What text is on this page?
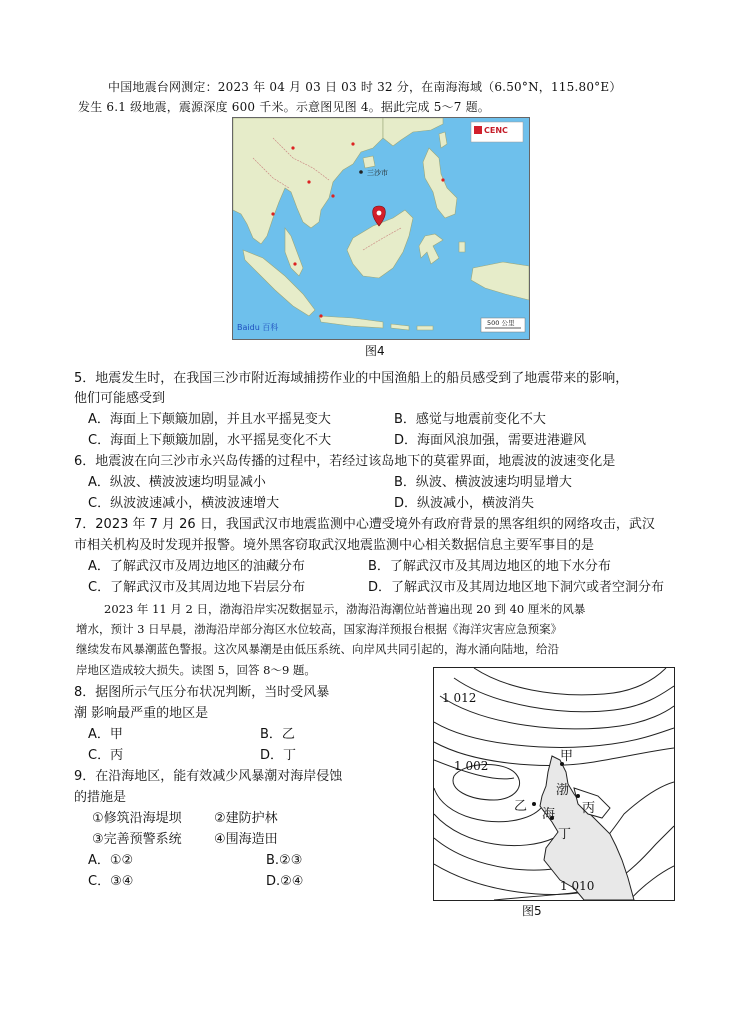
中国地震台网测定：2023 年 04 月 03 日 03 时 32 分，在南海海域（6.50°N，115.80°E）
发生 6.1 级地震，震源深度 600 千米。示意图见图 4。据此完成 5～7 题。
三沙市
CENC
Baidu 百科	500 公里
图4
5．地震发生时，在我国三沙市附近海域捕捞作业的中国渔船上的船员感受到了地震带来的影响，
他们可能感受到
A．海面上下颠簸加剧，并且水平摇晃变大	B．感觉与地震前变化不大
C．海面上下颠簸加剧，水平摇晃变化不大	D．海面风浪加强，需要进港避风
6．地震波在向三沙市永兴岛传播的过程中，若经过该岛地下的莫霍界面，地震波的波速变化是
A．纵波、横波波速均明显减小	B．纵波、横波波速均明显增大
C．纵波波速减小，横波波速增大	D．纵波减小，横波消失
7．2023 年 7 月 26 日，我国武汉市地震监测中心遭受境外有政府背景的黑客组织的网络攻击，武汉
市相关机构及时发现并报警。境外黑客窃取武汉地震监测中心相关数据信息主要军事目的是
A．了解武汉市及周边地区的油藏分布	B．了解武汉市及其周边地区的地下水分布
C．了解武汉市及其周边地下岩层分布	D．了解武汉市及其周边地区地下洞穴或者空洞分布
2023 年 11 月 2 日，渤海沿岸实况数据显示，渤海沿海潮位站普遍出现 20 到 40 厘米的风暴
增水，预计 3 日早晨，渤海沿岸部分海区水位较高，国家海洋预报台根据《海洋灾害应急预案》
继续发布风暴潮蓝色警报。这次风暴潮是由低压系统、向岸风共同引起的，海水涌向陆地，给沿
岸地区造成较大损失。读图 5，回答 8～9 题。
8．据图所示气压分布状况判断，当时受风暴
潮 影响最严重的地区是
A．甲	B．乙
C．丙	D．丁
9．在沿海地区，能有效减少风暴潮对海岸侵蚀
的措施是
①修筑沿海堤坝 ②建防护林
③完善预警系统 ④围海造田
A．①②	B.②③
C．③④	D.②④
1 012
1 002
1 010
甲
乙	丙
丁
渤
海
图5
